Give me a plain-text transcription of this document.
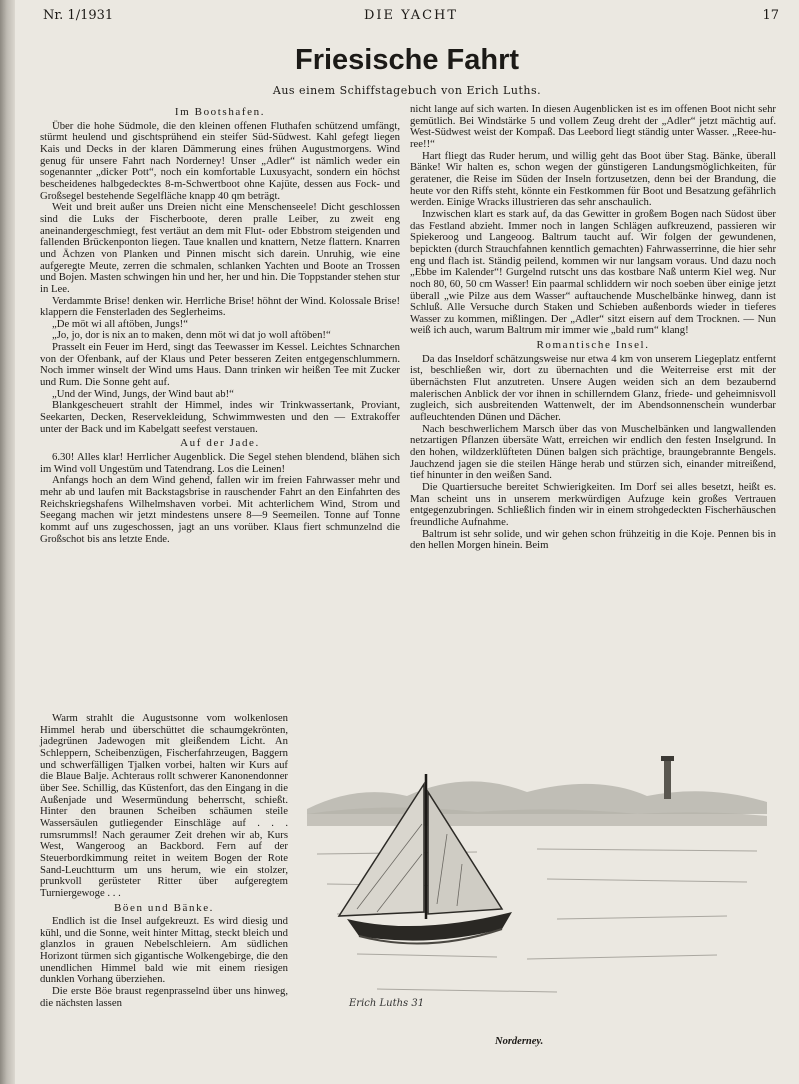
Nr. 1/1931	DIE YACHT	17
Friesische Fahrt
Aus einem Schiffstagebuch von Erich Luths.
Im Bootshafen.

Über die hohe Südmole, die den kleinen offenen Fluthafen schützend umfängt, stürmt heulend und gischtsprühend ein steifer Süd-Südwest. Kahl gefegt liegen Kais und Decks in der klaren Dämmerung eines frühen Augustmorgens. Wind genug für unsere Fahrt nach Norderney! Unser „Adler“ ist nämlich weder ein sogenannter „dicker Pott“, noch ein komfortable Luxusyacht, sondern ein höchst bescheidenes halbgedecktes 8-m-Schwertboot ohne Kajüte, dessen aus Fock- und Großsegel bestehende Segelfläche knapp 40 qm beträgt.

Weit und breit außer uns Dreien nicht eine Menschenseele! Dicht geschlossen sind die Luks der Fischerboote, deren pralle Leiber, zu zweit eng aneinandergeschmiegt, fest vertäut an dem mit Flut- oder Ebbstrom steigenden und fallenden Brückenponton liegen. Taue knallen und knattern, Netze flattern. Knarren und Ächzen von Planken und Pinnen mischt sich darein. Unruhig, wie eine aufgeregte Meute, zerren die schmalen, schlanken Yachten und Boote an Trossen und Bojen. Masten schwingen hin und her, her und hin. Die Toppstander stehen stur in Lee.

Verdammte Brise! denken wir. Herrliche Brise! höhnt der Wind. Kolossale Brise! klappern die Fensterladen des Seglerheims.

„De möt wi all aftöben, Jungs!“

„Jo, jo, dor is nix an to maken, denn möt wi dat jo woll aftöben!“

Prasselt ein Feuer im Herd, singt das Teewasser im Kessel. Leichtes Schnarchen von der Ofenbank, auf der Klaus und Peter besseren Zeiten entgegenschlummern. Noch immer winselt der Wind ums Haus. Dann trinken wir heißen Tee mit Zucker und Rum. Die Sonne geht auf.

„Und der Wind, Jungs, der Wind baut ab!“

Blankgescheuert strahlt der Himmel, indes wir Trinkwassertank, Proviant, Seekarten, Decken, Reservekleidung, Schwimmwesten und den — Extrakoffer unter der Back und im Kabelgatt seefest verstauen.

Auf der Jade.

6.30! Alles klar! Herrlicher Augenblick. Die Segel stehen blendend, blähen sich im Wind voll Ungestüm und Tatendrang. Los die Leinen!

Anfangs hoch an dem Wind gehend, fallen wir im freien Fahrwasser mehr und mehr ab und laufen mit Backstagsbrise in rauschender Fahrt an den Einfahrten des Reichskriegshafens Wilhelmshaven vorbei. Mit achterlichem Wind, Strom und Seegang machen wir jetzt mindestens unsere 8—9 Seemeilen. Tonne auf Tonne kommt auf uns zugeschossen, jagt an uns vorüber. Klaus fiert schmunzelnd die Großschot bis ans letzte Ende.

Warm strahlt die Augustsonne vom wolkenlosen Himmel herab und überschüttet die schaumgekrönten, jadegrünen Jadewogen mit gleißendem Licht. An Schleppern, Scheibenzügen, Fischerfahrzeugen, Baggern und schwerfälligen Tjalken vorbei, halten wir Kurs auf die Blaue Balje. Achteraus rollt schwerer Kanonendonner über See. Schillig, das Küstenfort, das den Eingang in die Außenjade und Wesermündung beherrscht, schießt. Hinter den braunen Scheiben schäumen steile Wassersäulen gutliegender Einschläge auf . . . rumsrummsl! Nach geraumer Zeit drehen wir ab, Kurs West, Wangeroog an Backbord. Fern auf der Steuerbordkimmung reitet in weitem Bogen der Rote Sand-Leuchtturm um uns herum, wie ein stolzer, prunkvoll gerüsteter Ritter über aufgeregtem Turniergewoge . . .

Böen und Bänke.

Endlich ist die Insel aufgekreuzt. Es wird diesig und kühl, und die Sonne, weit hinter Mittag, steckt bleich und glanzlos in grauen Nebelschleiern. Am südlichen Horizont türmen sich gigantische Wolkengebirge, die den unendlichen Himmel bald wie mit einem riesigen dunklen Vorhang überziehen.

Die erste Böe braust regenprasselnd über uns hinweg, die nächsten lassen

nicht lange auf sich warten. In diesen Augenblicken ist es im offenen Boot nicht sehr gemütlich. Bei Windstärke 5 und vollem Zeug dreht der „Adler“ jetzt mächtig auf. West-Südwest weist der Kompaß. Das Leebord liegt ständig unter Wasser. „Reee-hu-ree!!“

Hart fliegt das Ruder herum, und willig geht das Boot über Stag. Bänke, überall Bänke! Wir halten es, schon wegen der günstigeren Landungsmöglichkeiten, für geratener, die Reise im Süden der Inseln fortzusetzen, denn bei der Brandung, die heute vor den Riffs steht, könnte ein Festkommen für Boot und Besatzung gefährlich werden. Einige Wracks illustrieren das sehr anschaulich.

Inzwischen klart es stark auf, da das Gewitter in großem Bogen nach Südost über das Festland abzieht. Immer noch in langen Schlägen aufkreuzend, passieren wir Spiekeroog und Langeoog. Baltrum taucht auf. Wir folgen der gewundenen, bepickten (durch Strauchfahnen kenntlich gemachten) Fahrwasserrinne, die hier sehr eng und flach ist. Ständig peilend, kommen wir nur langsam voraus. Und dazu noch „Ebbe im Kalender“! Gurgelnd rutscht uns das kostbare Naß unterm Kiel weg. Nur noch 80, 60, 50 cm Wasser! Ein paarmal schliddern wir noch soeben über einige jetzt überall „wie Pilze aus dem Wasser“ auftauchende Muschelbänke hinweg, dann ist Schluß. Alle Versuche durch Staken und Schieben außenbords wieder in tieferes Wasser zu kommen, mißlingen. Der „Adler“ sitzt eisern auf dem Trocknen. — Nun weiß ich auch, warum Baltrum mir immer wie „bald rum“ klang!

Romantische Insel.

Da das Inseldorf schätzungsweise nur etwa 4 km von unserem Liegeplatz entfernt ist, beschließen wir, dort zu übernachten und die Weiterreise erst mit der übernächsten Flut anzutreten. Unsere Augen weiden sich an dem bezaubernd malerischen Anblick der vor ihnen in schillerndem Glanz, friede- und geheimnisvoll zugleich, sich ausbreitenden Wattenwelt, der im Abendsonnenschein wunderbar aufleuchtenden Dünen und Dächer.

Nach beschwerlichem Marsch über das von Muschelbänken und langwallenden netzartigen Pflanzen übersäte Watt, erreichen wir endlich den festen Inselgrund. In den hohen, wildzerklüfteten Dünen balgen sich prächtige, braungebrannte Bengels. Jauchzend jagen sie die steilen Hänge herab und stürzen sich, einander mitreißend, tief hinunter in den weißen Sand.

Die Quartiersuche bereitet Schwierigkeiten. Im Dorf sei alles besetzt, heißt es. Man scheint uns in unserem merkwürdigen Aufzuge kein großes Vertrauen entgegenzubringen. Schließlich finden wir in einem strohgedeckten Fischerhäuschen freundliche Aufnahme.

Baltrum ist sehr solide, und wir gehen schon frühzeitig in die Koje. Pennen bis in den hellen Morgen hinein. Beim

Erich Luths 31
Norderney.
